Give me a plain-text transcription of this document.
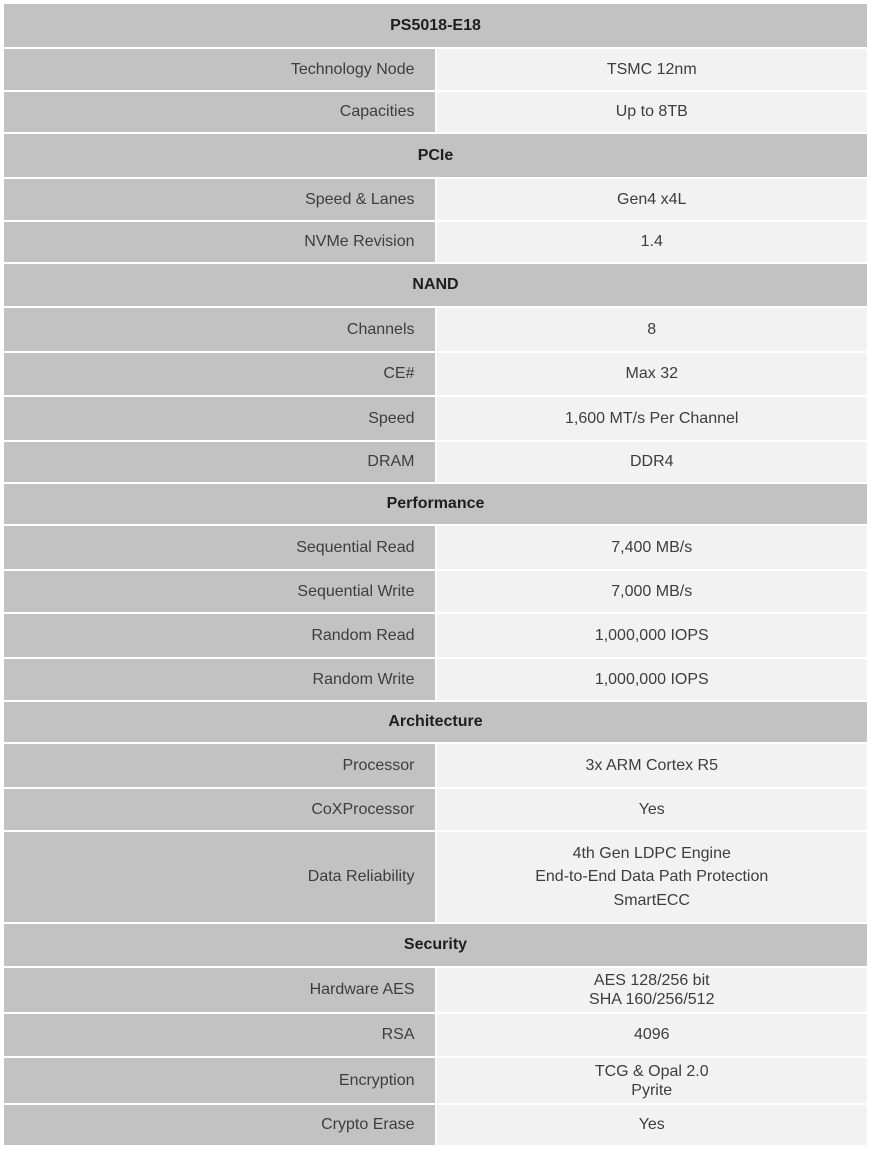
PS5018-E18	
Technology Node	TSMC 12nm

Capacities	Up to 8TB

PCIe	
Speed & Lanes	Gen4 x4L

NVMe Revision	1.4

NAND	
Channels	8

CE#	Max 32

Speed	1,600 MT/s Per Channel

DRAM	DDR4

Performance	
Sequential Read	7,400 MB/s

Sequential Write	7,000 MB/s

Random Read	1,000,000 IOPS

Random Write	1,000,000 IOPS

Architecture	
Processor	3x ARM Cortex R5

CoXProcessor	Yes

Data Reliability	4th Gen LDPC Engine
End-to-End Data Path Protection
SmartECC

Security	
Hardware AES	AES 128/256 bit
SHA 160/256/512

RSA	4096

Encryption	TCG & Opal 2.0
Pyrite

Crypto Erase	Yes
